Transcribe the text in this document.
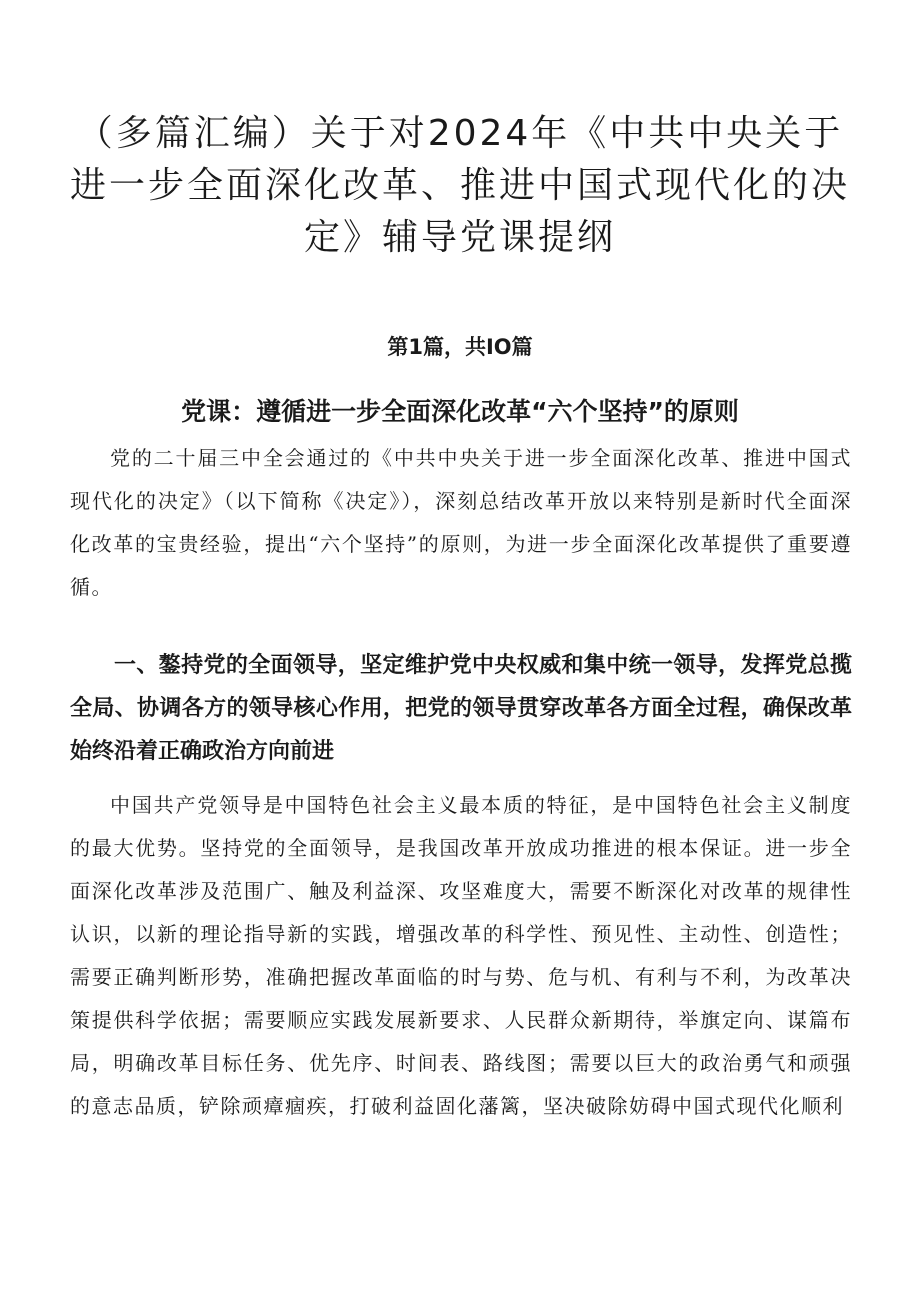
（多篇汇编）关于对2024年《中共中央关于进一步全面深化改革、推进中国式现代化的决定》辅导党课提纲
第1篇，共IO篇
党课：遵循进一步全面深化改革“六个坚持”的原则

党的二十届三中全会通过的《中共中央关于进一步全面深化改革、推进中国式现代化的决定》（以下简称《决定》），深刻总结改革开放以来特别是新时代全面深化改革的宝贵经验，提出“六个坚持”的原则，为进一步全面深化改革提供了重要遵循。

一、鏊持党的全面领导，坚定维护党中央权威和集中统一领导，发挥党总揽全局、协调各方的领导核心作用，把党的领导贯穿改革各方面全过程，确保改革始终沿着正确政治方向前进

中国共产党领导是中国特色社会主义最本质的特征，是中国特色社会主义制度的最大优势。坚持党的全面领导，是我国改革开放成功推进的根本保证。进一步全面深化改革涉及范围广、触及利益深、攻坚难度大，需要不断深化对改革的规律性认识，以新的理论指导新的实践，增强改革的科学性、预见性、主动性、创造性；需要正确判断形势，准确把握改革面临的时与势、危与机、有利与不利，为改革决策提供科学依据；需要顺应实践发展新要求、人民群众新期待，举旗定向、谋篇布局，明确改革目标任务、优先序、时间表、路线图；需要以巨大的政治勇气和顽强的意志品质，铲除顽瘴痼疾，打破利益固化藩篱，坚决破除妨碍中国式现代化顺利
